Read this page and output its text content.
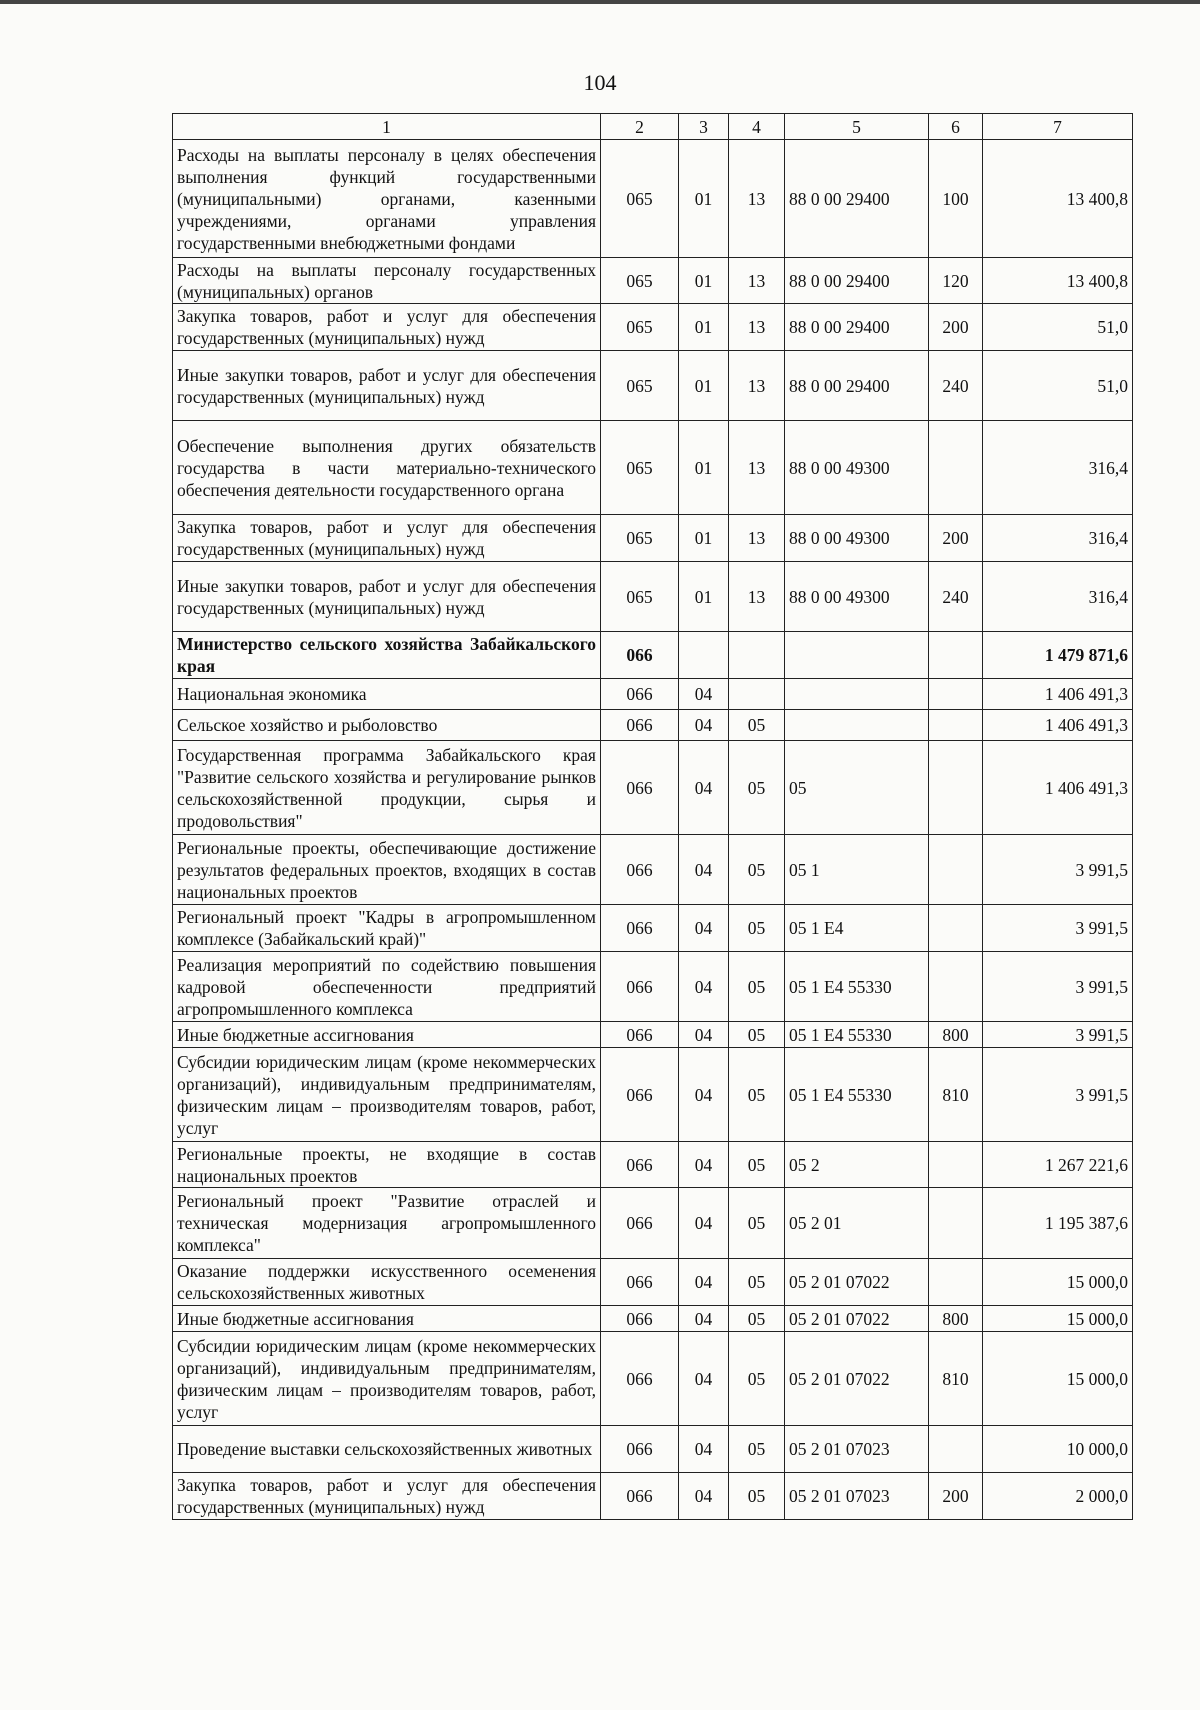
104
1	2	3	4	5	6	7
Расходы на выплаты персоналу в целях обеспечения выполнения функций государственными (муниципальными) органами, казенными учреждениями, органами управления государственными внебюджетными фондами	065	01	13	88 0 00 29400	100	13 400,8
Расходы на выплаты персоналу государственных (муниципальных) органов	065	01	13	88 0 00 29400	120	13 400,8
Закупка товаров, работ и услуг для обеспечения государственных (муниципальных) нужд	065	01	13	88 0 00 29400	200	51,0
Иные закупки товаров, работ и услуг для обеспечения государственных (муниципальных) нужд	065	01	13	88 0 00 29400	240	51,0
Обеспечение выполнения других обязательств государства в части материально-технического обеспечения деятельности государственного органа	065	01	13	88 0 00 49300		316,4
Закупка товаров, работ и услуг для обеспечения государственных (муниципальных) нужд	065	01	13	88 0 00 49300	200	316,4
Иные закупки товаров, работ и услуг для обеспечения государственных (муниципальных) нужд	065	01	13	88 0 00 49300	240	316,4
Министерство сельского хозяйства Забайкальского края	066					1 479 871,6
Национальная экономика	066	04				1 406 491,3
Сельское хозяйство и рыболовство	066	04	05			1 406 491,3
Государственная программа Забайкальского края "Развитие сельского хозяйства и регулирование рынков сельскохозяйственной продукции, сырья и продовольствия"	066	04	05	05		1 406 491,3
Региональные проекты, обеспечивающие достижение результатов федеральных проектов, входящих в состав национальных проектов	066	04	05	05 1		3 991,5
Региональный проект "Кадры в агропромышленном комплексе (Забайкальский край)"	066	04	05	05 1 E4		3 991,5
Реализация мероприятий по содействию повышения кадровой обеспеченности предприятий агропромышленного комплекса	066	04	05	05 1 E4 55330		3 991,5
Иные бюджетные ассигнования	066	04	05	05 1 E4 55330	800	3 991,5
Субсидии юридическим лицам (кроме некоммерческих организаций), индивидуальным предпринимателям, физическим лицам – производителям товаров, работ, услуг	066	04	05	05 1 E4 55330	810	3 991,5
Региональные проекты, не входящие в состав национальных проектов	066	04	05	05 2		1 267 221,6
Региональный проект "Развитие отраслей и техническая модернизация агропромышленного комплекса"	066	04	05	05 2 01		1 195 387,6
Оказание поддержки искусственного осеменения сельскохозяйственных животных	066	04	05	05 2 01 07022		15 000,0
Иные бюджетные ассигнования	066	04	05	05 2 01 07022	800	15 000,0
Субсидии юридическим лицам (кроме некоммерческих организаций), индивидуальным предпринимателям, физическим лицам – производителям товаров, работ, услуг	066	04	05	05 2 01 07022	810	15 000,0
Проведение выставки сельскохозяйственных животных	066	04	05	05 2 01 07023		10 000,0
Закупка товаров, работ и услуг для обеспечения государственных (муниципальных) нужд	066	04	05	05 2 01 07023	200	2 000,0
